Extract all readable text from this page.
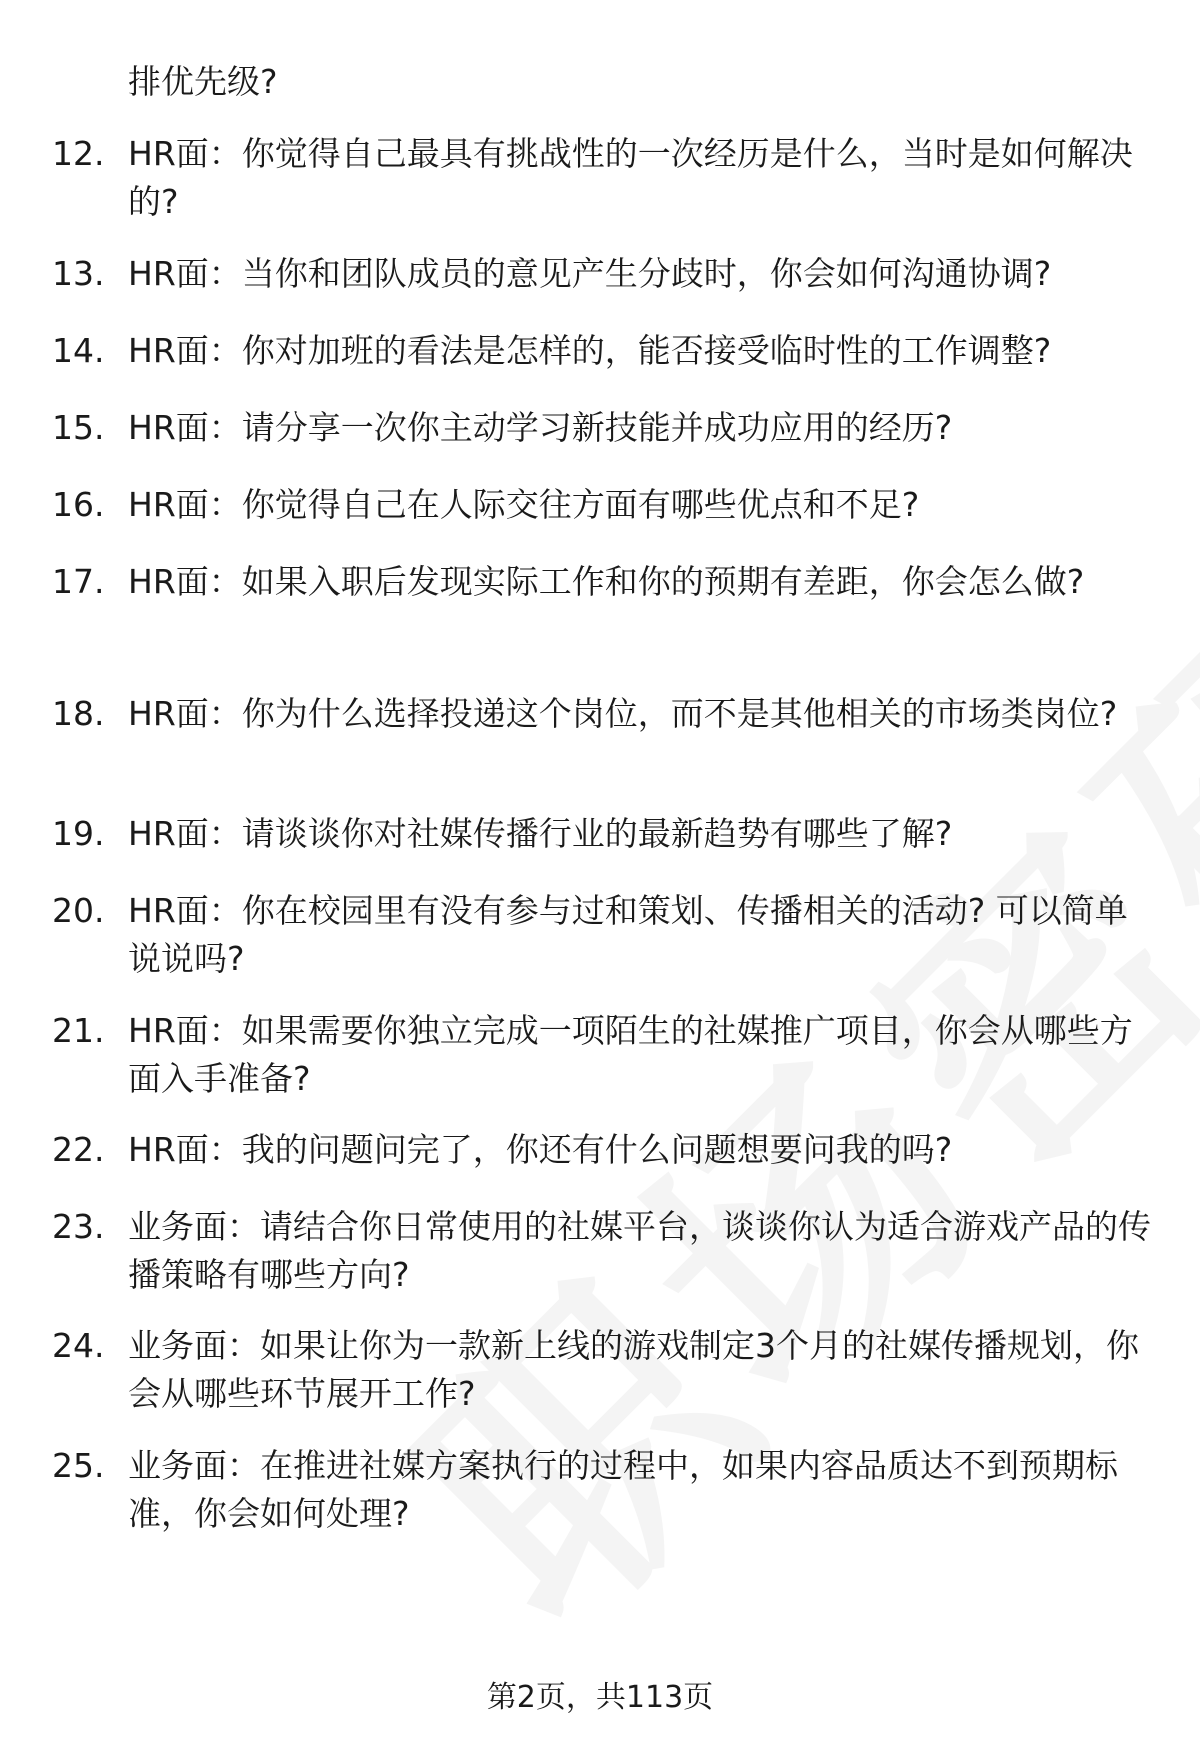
排优先级?

12. HR面：你觉得自己最具有挑战性的一次经历是什么，当时是如何解决的?
13. HR面：当你和团队成员的意见产生分歧时，你会如何沟通协调?
14. HR面：你对加班的看法是怎样的，能否接受临时性的工作调整?
15. HR面：请分享一次你主动学习新技能并成功应用的经历?
16. HR面：你觉得自己在人际交往方面有哪些优点和不足?
17. HR面：如果入职后发现实际工作和你的预期有差距，你会怎么做?
18. HR面：你为什么选择投递这个岗位，而不是其他相关的市场类岗位?
19. HR面：请谈谈你对社媒传播行业的最新趋势有哪些了解?
20. HR面：你在校园里有没有参与过和策划、传播相关的活动? 可以简单说说吗?
21. HR面：如果需要你独立完成一项陌生的社媒推广项目，你会从哪些方面入手准备?
22. HR面：我的问题问完了，你还有什么问题想要问我的吗?
23. 业务面：请结合你日常使用的社媒平台，谈谈你认为适合游戏产品的传播策略有哪些方向?
24. 业务面：如果让你为一款新上线的游戏制定3个月的社媒传播规划，你会从哪些环节展开工作?
25. 业务面：在推进社媒方案执行的过程中，如果内容品质达不到预期标准，你会如何处理?
第2页，共113页
